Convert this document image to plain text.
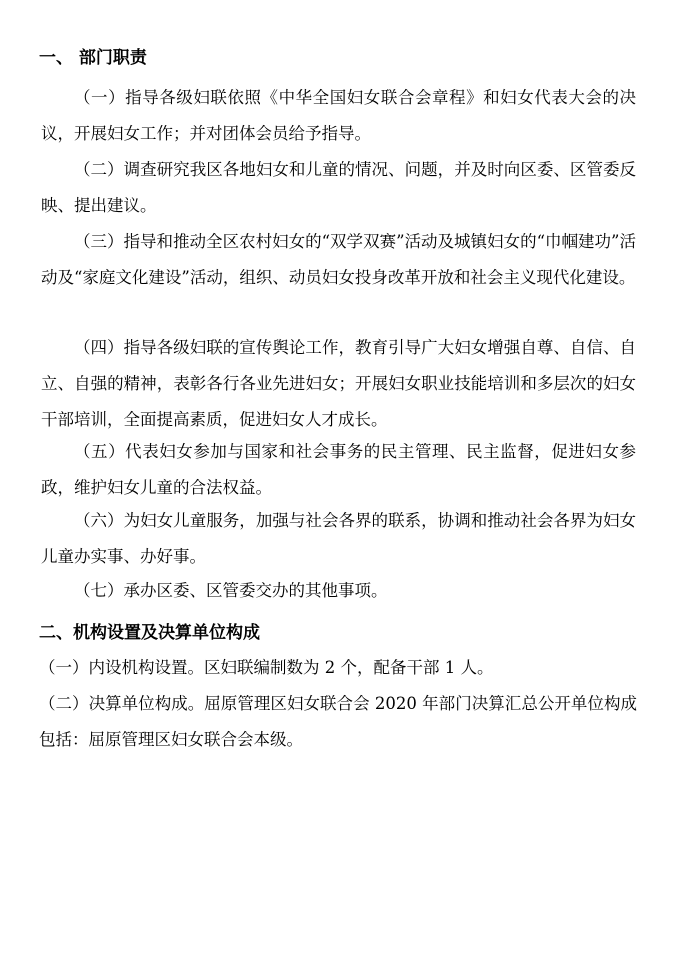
一、 部门职责

（一）指导各级妇联依照《中华全国妇女联合会章程》和妇女代表大会的决议，开展妇女工作；并对团体会员给予指导。

（二）调查研究我区各地妇女和儿童的情况、问题，并及时向区委、区管委反映、提出建议。

（三）指导和推动全区农村妇女的“双学双赛”活动及城镇妇女的“巾帼建功”活动及“家庭文化建设”活动，组织、动员妇女投身改革开放和社会主义现代化建设。

（四）指导各级妇联的宣传舆论工作，教育引导广大妇女增强自尊、自信、自立、自强的精神，表彰各行各业先进妇女；开展妇女职业技能培训和多层次的妇女干部培训，全面提高素质，促进妇女人才成长。

（五）代表妇女参加与国家和社会事务的民主管理、民主监督，促进妇女参政，维护妇女儿童的合法权益。

（六）为妇女儿童服务，加强与社会各界的联系，协调和推动社会各界为妇女儿童办实事、办好事。

（七）承办区委、区管委交办的其他事项。

二、机构设置及决算单位构成

（一）内设机构设置。区妇联编制数为 2 个，配备干部 1 人。

（二）决算单位构成。屈原管理区妇女联合会 2020 年部门决算汇总公开单位构成包括：屈原管理区妇女联合会本级。
